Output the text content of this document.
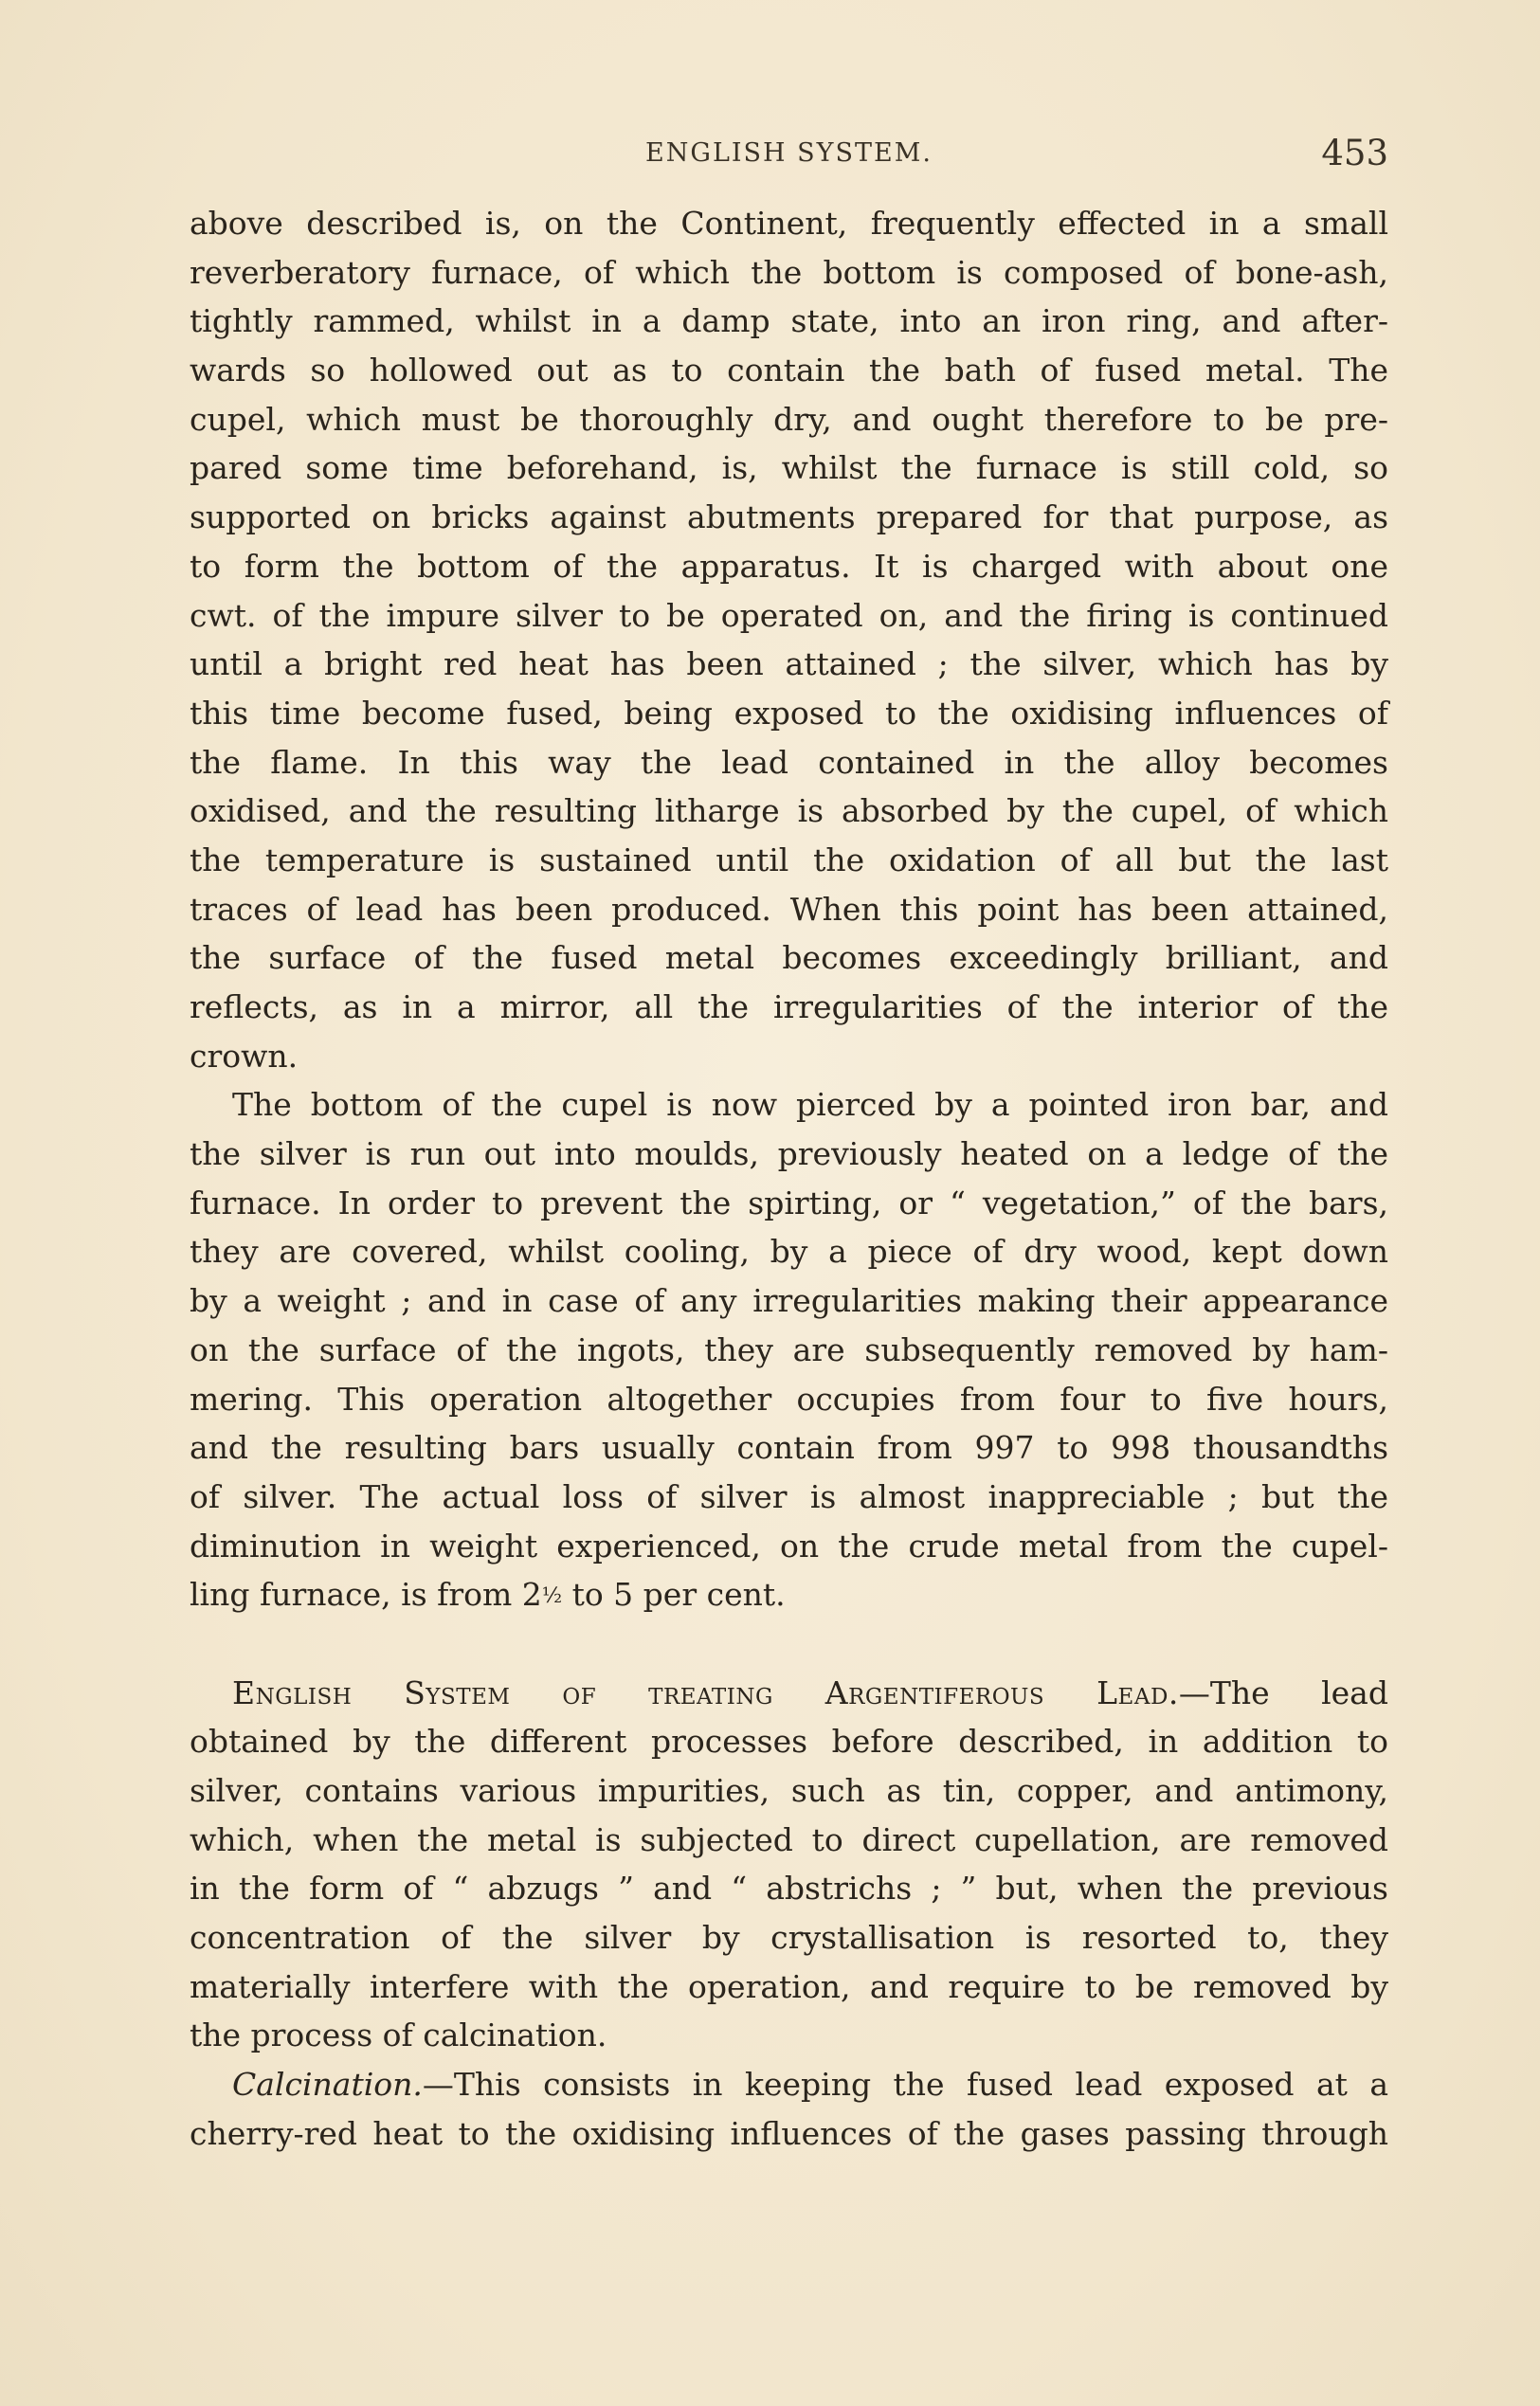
ENGLISH SYSTEM.	453
above described is, on the Continent, frequently effected in a small
reverberatory furnace, of which the bottom is composed of bone-ash,
tightly rammed, whilst in a damp state, into an iron ring, and after-
wards so hollowed out as to contain the bath of fused metal. The
cupel, which must be thoroughly dry, and ought therefore to be pre-
pared some time beforehand, is, whilst the furnace is still cold, so
supported on bricks against abutments prepared for that purpose, as
to form the bottom of the apparatus. It is charged with about one
cwt. of the impure silver to be operated on, and the firing is continued
until a bright red heat has been attained ; the silver, which has by
this time become fused, being exposed to the oxidising influences of
the flame. In this way the lead contained in the alloy becomes
oxidised, and the resulting litharge is absorbed by the cupel, of which
the temperature is sustained until the oxidation of all but the last
traces of lead has been produced. When this point has been attained,
the surface of the fused metal becomes exceedingly brilliant, and
reflects, as in a mirror, all the irregularities of the interior of the
crown.
The bottom of the cupel is now pierced by a pointed iron bar, and
the silver is run out into moulds, previously heated on a ledge of the
furnace. In order to prevent the spirting, or “ vegetation,” of the bars,
they are covered, whilst cooling, by a piece of dry wood, kept down
by a weight ; and in case of any irregularities making their appearance
on the surface of the ingots, they are subsequently removed by ham-
mering. This operation altogether occupies from four to five hours,
and the resulting bars usually contain from 997 to 998 thousandths
of silver. The actual loss of silver is almost inappreciable ; but the
diminution in weight experienced, on the crude metal from the cupel-
ling furnace, is from 2½ to 5 per cent.
English System of treating Argentiferous Lead.—The lead
obtained by the different processes before described, in addition to
silver, contains various impurities, such as tin, copper, and antimony,
which, when the metal is subjected to direct cupellation, are removed
in the form of “ abzugs ” and “ abstrichs ; ” but, when the previous
concentration of the silver by crystallisation is resorted to, they
materially interfere with the operation, and require to be removed by
the process of calcination.
Calcination.—This consists in keeping the fused lead exposed at a
cherry-red heat to the oxidising influences of the gases passing through
